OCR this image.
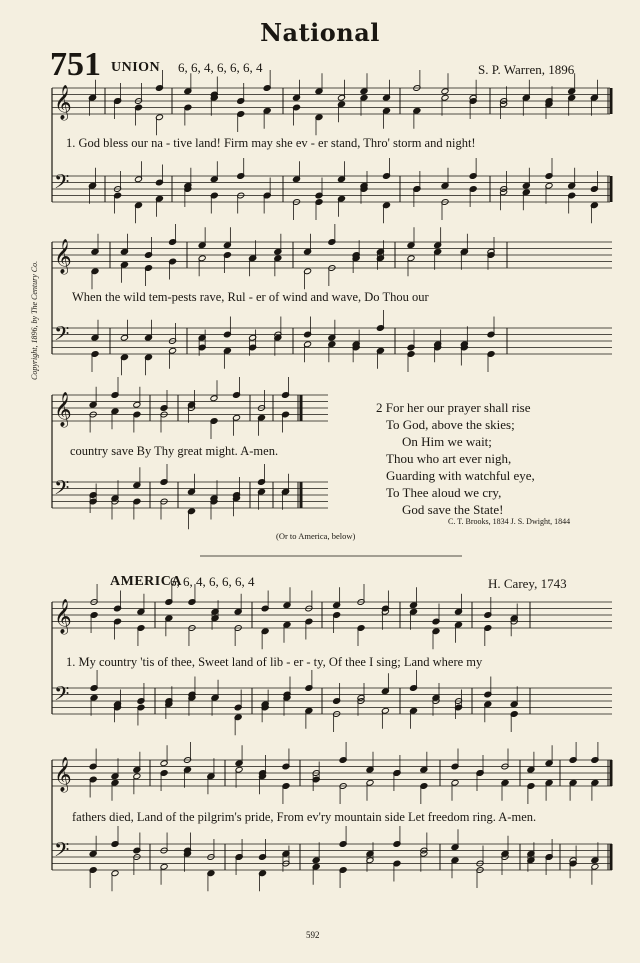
National
751 UNION 6, 6, 4, 6, 6, 6, 4	S. P. Warren, 1896
Copyright, 1896, by The Century Co.
𝄞
𝄢
𝄞
𝄢
𝄞
𝄢
𝄞
𝄢
𝄞
𝄢
1. God bless our na - tive land! Firm may she ev - er stand, Thro' storm and night!
When the wild tem-pests rave, Rul - er of wind and wave, Do Thou our
country save By Thy great might. A-men.
2 For her our prayer shall rise
To God, above the skies;
On Him we wait;
Thou who art ever nigh,
Guarding with watchful eye,
To Thee aloud we cry,
God save the State!
C. T. Brooks, 1834 J. S. Dwight, 1844
(Or to America, below)
AMERICA
6, 6, 4, 6, 6, 6, 4	H. Carey, 1743
1. My country 'tis of thee, Sweet land of lib - er - ty, Of thee I sing; Land where my
fathers died, Land of the pilgrim's pride, From ev'ry mountain side Let freedom ring. A-men.
592
